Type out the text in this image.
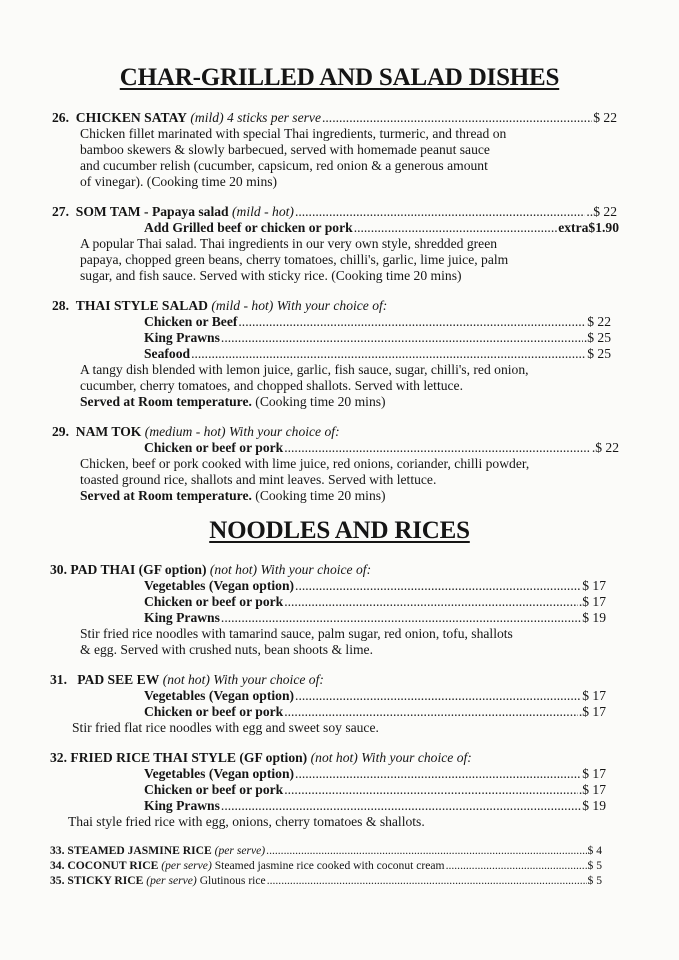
CHAR-GRILLED AND SALAD DISHES
26. CHICKEN SATAY (mild) 4 sticks per serve .....	$ 22
Chicken fillet marinated with special Thai ingredients, turmeric, and thread on
bamboo skewers & slowly barbecued, served with homemade peanut sauce
and cucumber relish (cucumber, capsicum, red onion & a generous amount
of vinegar). (Cooking time 20 mins)
27. SOM TAM - Papaya salad (mild - hot) .....	..$ 22
Add Grilled beef or chicken or pork .....	extra$1.90
A popular Thai salad. Thai ingredients in our very own style, shredded green
papaya, chopped green beans, cherry tomatoes, chilli's, garlic, lime juice, palm
sugar, and fish sauce. Served with sticky rice. (Cooking time 20 mins)
28. THAI STYLE SALAD (mild - hot) With your choice of:
Chicken or Beef .....	$ 22
King Prawns .....	.$ 25
Seafood .....	$ 25
A tangy dish blended with lemon juice, garlic, fish sauce, sugar, chilli's, red onion,
cucumber, cherry tomatoes, and chopped shallots. Served with lettuce.
Served at Room temperature. (Cooking time 20 mins)
29. NAM TOK (medium - hot) With your choice of:
Chicken or beef or pork .....	.$ 22
Chicken, beef or pork cooked with lime juice, red onions, coriander, chilli powder,
toasted ground rice, shallots and mint leaves. Served with lettuce.
Served at Room temperature. (Cooking time 20 mins)
NOODLES AND RICES
30. PAD THAI (GF option) (not hot) With your choice of:
Vegetables (Vegan option) .....	$ 17
Chicken or beef or pork .....	.$ 17
King Prawns .....	$ 19
Stir fried rice noodles with tamarind sauce, palm sugar, red onion, tofu, shallots
& egg. Served with crushed nuts, bean shoots & lime.
31. PAD SEE EW (not hot) With your choice of:
Vegetables (Vegan option) .....	$ 17
Chicken or beef or pork .....	.$ 17
Stir fried flat rice noodles with egg and sweet soy sauce.
32. FRIED RICE THAI STYLE (GF option) (not hot) With your choice of:
Vegetables (Vegan option) .....	$ 17
Chicken or beef or pork .....	.$ 17
King Prawns .....	$ 19
Thai style fried rice with egg, onions, cherry tomatoes & shallots.
33. STEAMED JASMINE RICE (per serve) .....	$ 4
34. COCONUT RICE (per serve) Steamed jasmine rice cooked with coconut cream .....	$ 5
35. STICKY RICE (per serve) Glutinous rice .....	$ 5
